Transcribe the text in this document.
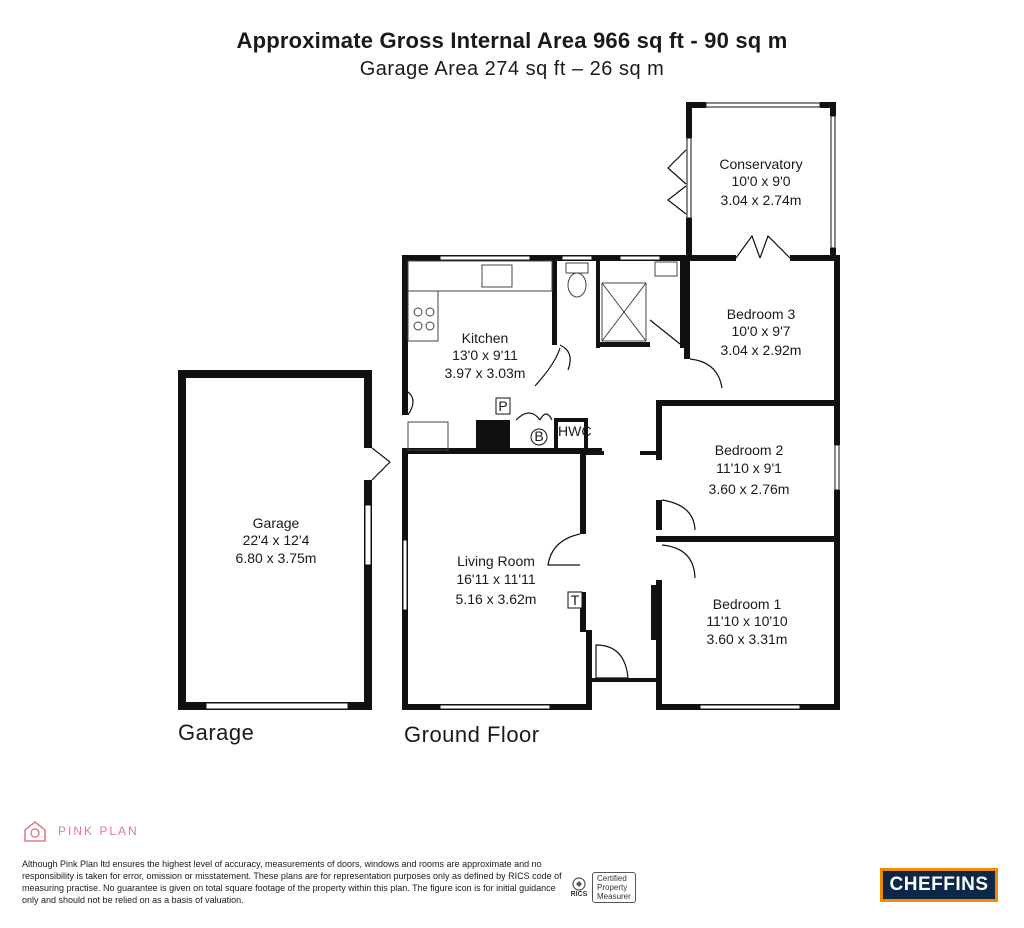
Approximate Gross Internal Area 966 sq ft - 90 sq m
Garage Area 274 sq ft – 26 sq m
P
B HWC
T
Conservatory
10'0 x 9'0
3.04 x 2.74m
Kitchen
13'0 x 9'11
3.97 x 3.03m
Bedroom 3
10'0 x 9'7
3.04 x 2.92m
Bedroom 2
11'10 x 9'1
3.60 x 2.76m
Bedroom 1
11'10 x 10'10
3.60 x 3.31m
Living Room
16'11 x 11'11
5.16 x 3.62m
Garage
22'4 x 12'4
6.80 x 3.75m
Garage	Ground Floor
PINK PLAN
Although Pink Plan ltd ensures the highest level of accuracy, measurements of doors, windows and rooms are approximate and no responsibility is taken for error, omission or misstatement. These plans are for representation purposes only as defined by RICS code of measuring practise. No guarantee is given on total square footage of the property within this plan. The figure icon is for initial guidance only and should not be relied on as a basis of valuation.
RICS
Certified
Property
Measurer
CHEFFINS
